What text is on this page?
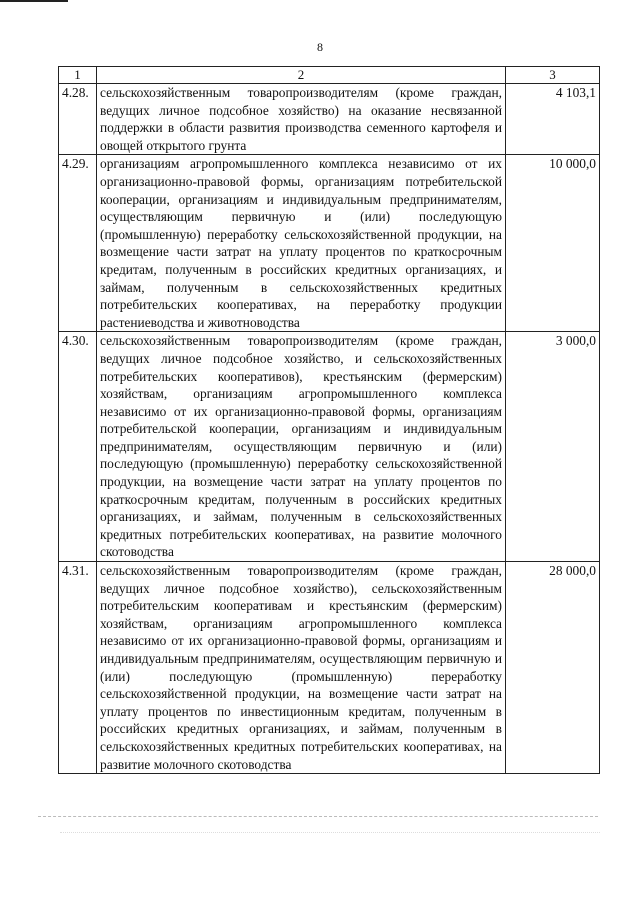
8
1	2	3
4.28.	сельскохозяйственным товаропроизводителям (кроме граждан, ведущих личное подсобное хозяйство) на оказание несвязанной поддержки в области развития производства семенного картофеля и овощей открытого грунта	4 103,1
4.29.	организациям агропромышленного комплекса независимо от их организационно-правовой формы, организациям потребительской кооперации, организациям и индивидуальным предпринимателям, осуществляющим первичную и (или) последующую (промышленную) переработку сельскохозяйственной продукции, на возмещение части затрат на уплату процентов по краткосрочным кредитам, полученным в российских кредитных организациях, и займам, полученным в сельскохозяйственных кредитных потребительских кооперативах, на переработку продукции растениеводства и животноводства	10 000,0
4.30.	сельскохозяйственным товаропроизводителям (кроме граждан, ведущих личное подсобное хозяйство, и сельскохозяйственных потребительских кооперативов), крестьянским (фермерским) хозяйствам, организациям агропромышленного комплекса независимо от их организационно-правовой формы, организациям потребительской кооперации, организациям и индивидуальным предпринимателям, осуществляющим первичную и (или) последующую (промышленную) переработку сельскохозяйственной продукции, на возмещение части затрат на уплату процентов по краткосрочным кредитам, полученным в российских кредитных организациях, и займам, полученным в сельскохозяйственных кредитных потребительских кооперативах, на развитие молочного скотоводства	3 000,0
4.31.	сельскохозяйственным товаропроизводителям (кроме граждан, ведущих личное подсобное хозяйство), сельскохозяйственным потребительским кооперативам и крестьянским (фермерским) хозяйствам, организациям агропромышленного комплекса независимо от их организационно-правовой формы, организациям и индивидуальным предпринимателям, осуществляющим первичную и (или) последующую (промышленную) переработку сельскохозяйственной продукции, на возмещение части затрат на уплату процентов по инвестиционным кредитам, полученным в российских кредитных организациях, и займам, полученным в сельскохозяйственных кредитных потребительских кооперативах, на развитие молочного скотоводства	28 000,0
